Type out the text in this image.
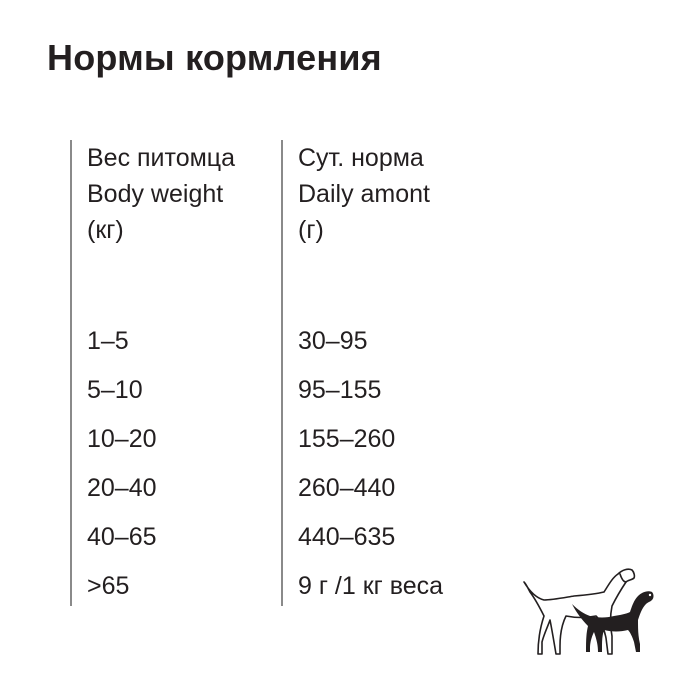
Нормы кормления
Вес питомца
Body weight
(кг)
1–5
5–10
10–20
20–40
40–65
>65
Сут. норма
Daily amont
(г)
30–95
95–155
155–260
260–440
440–635
9 г /1 кг веса
